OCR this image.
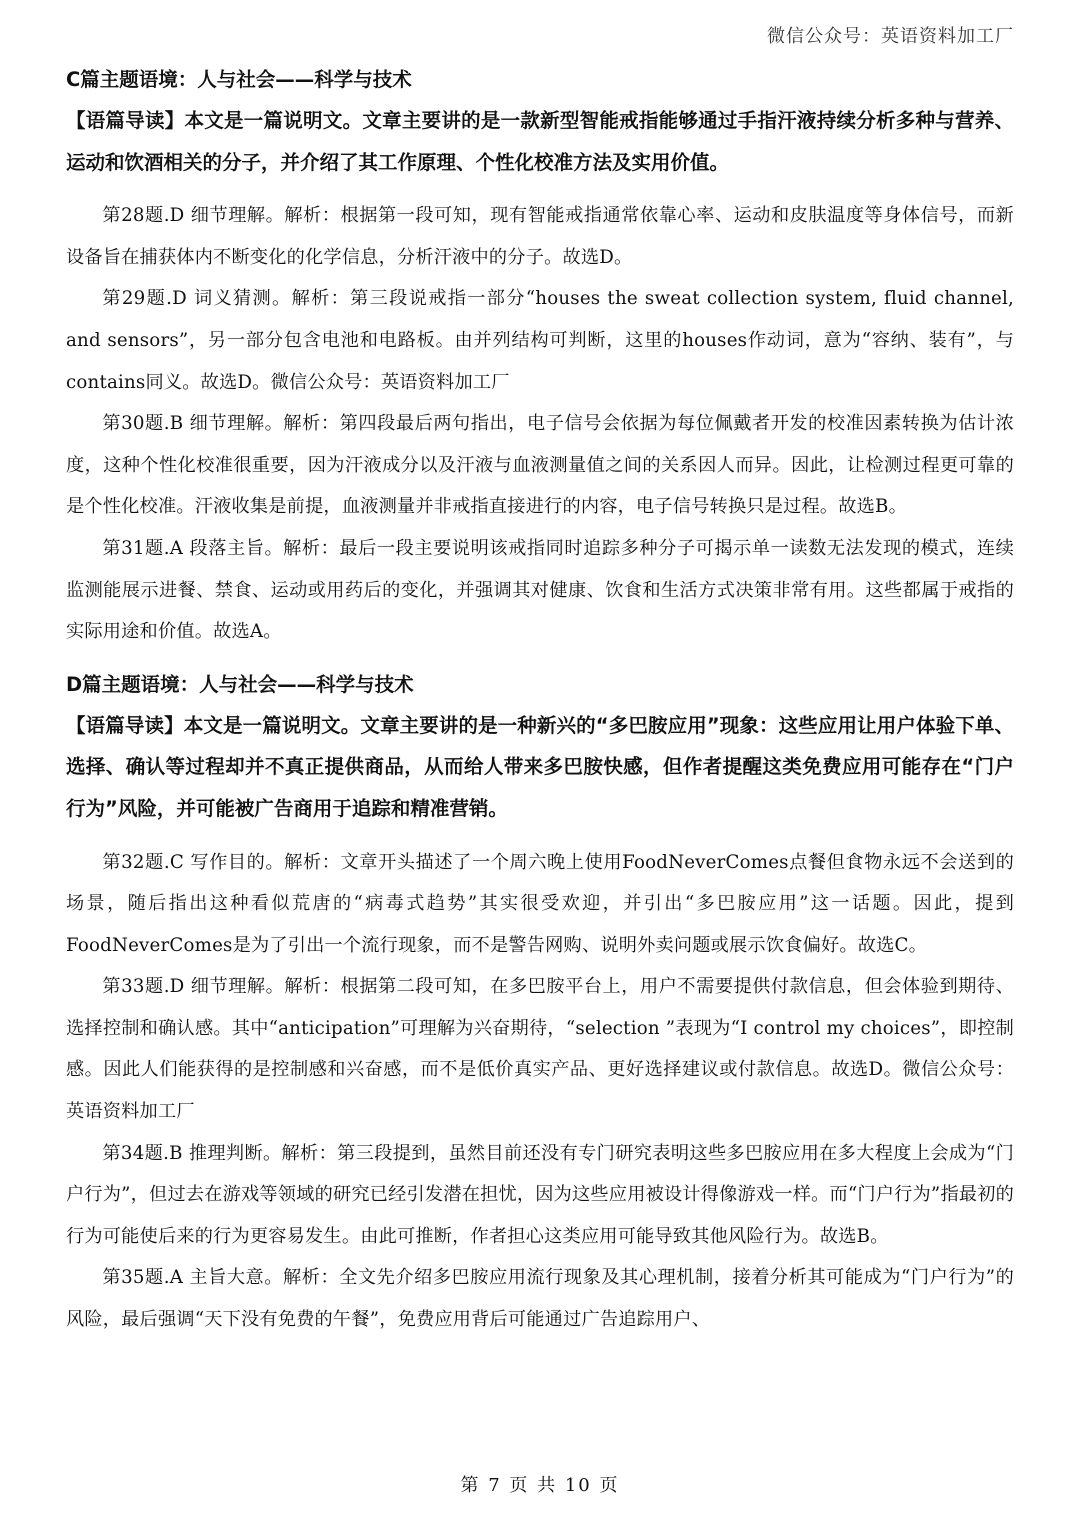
微信公众号：英语资料加工厂
C篇主题语境：人与社会——科学与技术

【语篇导读】本文是一篇说明文。文章主要讲的是一款新型智能戒指能够通过手指汗液持续分析多种与营养、运动和饮酒相关的分子，并介绍了其工作原理、个性化校准方法及实用价值。

第28题.D 细节理解。解析：根据第一段可知，现有智能戒指通常依靠心率、运动和皮肤温度等身体信号，而新设备旨在捕获体内不断变化的化学信息，分析汗液中的分子。故选D。

第29题.D 词义猜测。解析：第三段说戒指一部分“houses the sweat collection system, fluid channel, and sensors”，另一部分包含电池和电路板。由并列结构可判断，这里的houses作动词，意为“容纳、装有”，与contains同义。故选D。微信公众号：英语资料加工厂

第30题.B 细节理解。解析：第四段最后两句指出，电子信号会依据为每位佩戴者开发的校准因素转换为估计浓度，这种个性化校准很重要，因为汗液成分以及汗液与血液测量值之间的关系因人而异。因此，让检测过程更可靠的是个性化校准。汗液收集是前提，血液测量并非戒指直接进行的内容，电子信号转换只是过程。故选B。

第31题.A 段落主旨。解析：最后一段主要说明该戒指同时追踪多种分子可揭示单一读数无法发现的模式，连续监测能展示进餐、禁食、运动或用药后的变化，并强调其对健康、饮食和生活方式决策非常有用。这些都属于戒指的实际用途和价值。故选A。

D篇主题语境：人与社会——科学与技术

【语篇导读】本文是一篇说明文。文章主要讲的是一种新兴的“多巴胺应用”现象：这些应用让用户体验下单、选择、确认等过程却并不真正提供商品，从而给人带来多巴胺快感，但作者提醒这类免费应用可能存在“门户行为”风险，并可能被广告商用于追踪和精准营销。

第32题.C 写作目的。解析：文章开头描述了一个周六晚上使用FoodNeverComes点餐但食物永远不会送到的场景，随后指出这种看似荒唐的“病毒式趋势”其实很受欢迎，并引出“多巴胺应用”这一话题。因此，提到FoodNeverComes是为了引出一个流行现象，而不是警告网购、说明外卖问题或展示饮食偏好。故选C。

第33题.D 细节理解。解析：根据第二段可知，在多巴胺平台上，用户不需要提供付款信息，但会体验到期待、选择控制和确认感。其中“anticipation”可理解为兴奋期待，“selection ”表现为“I control my choices”，即控制感。因此人们能获得的是控制感和兴奋感，而不是低价真实产品、更好选择建议或付款信息。故选D。微信公众号：英语资料加工厂

第34题.B 推理判断。解析：第三段提到，虽然目前还没有专门研究表明这些多巴胺应用在多大程度上会成为“门户行为”，但过去在游戏等领域的研究已经引发潜在担忧，因为这些应用被设计得像游戏一样。而“门户行为”指最初的行为可能使后来的行为更容易发生。由此可推断，作者担心这类应用可能导致其他风险行为。故选B。

第35题.A 主旨大意。解析：全文先介绍多巴胺应用流行现象及其心理机制，接着分析其可能成为“门户行为”的风险，最后强调“天下没有免费的午餐”，免费应用背后可能通过广告追踪用户、

第 7 页 共 10 页
